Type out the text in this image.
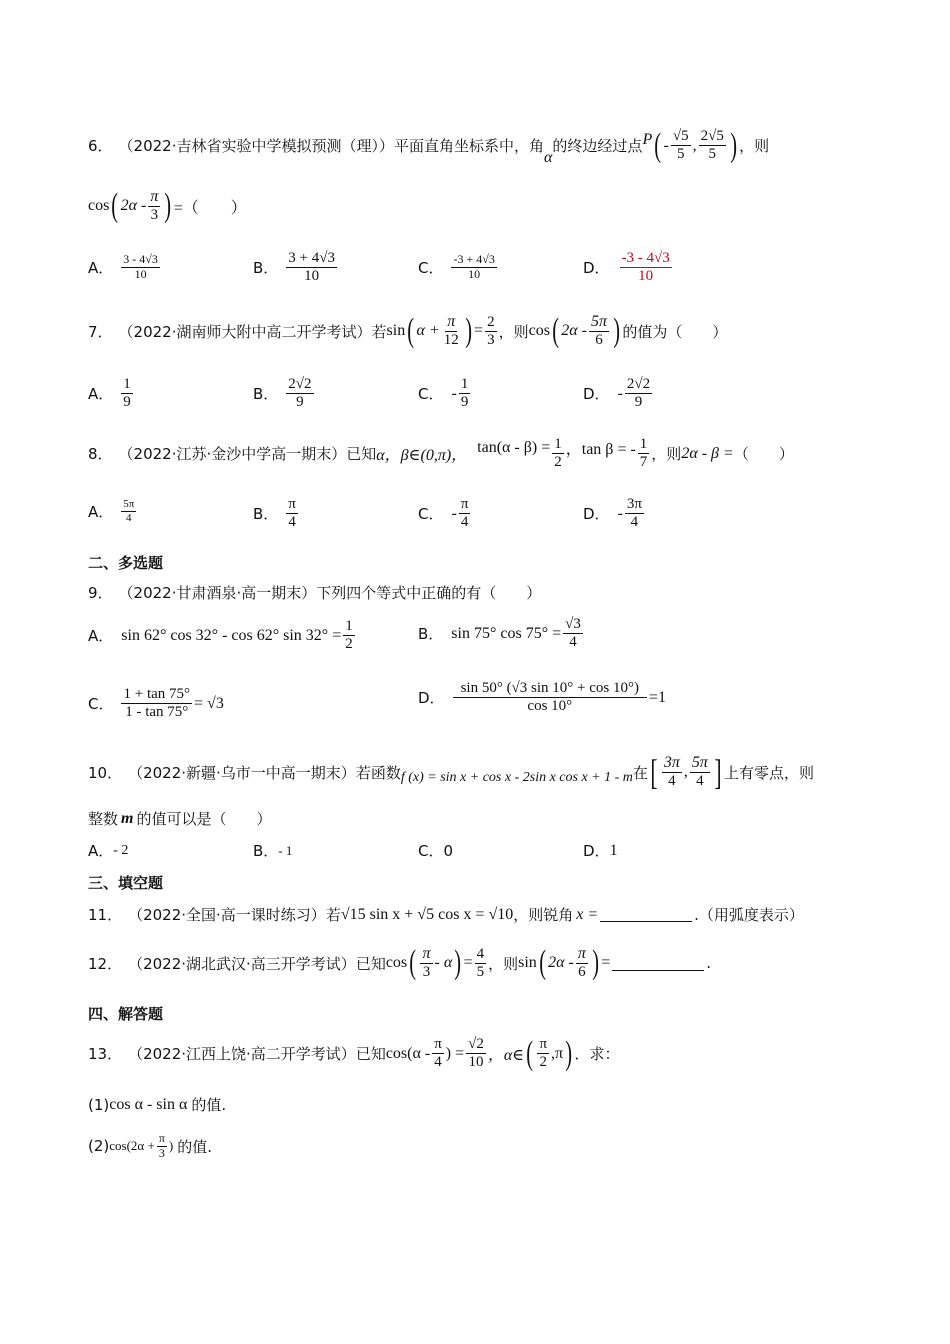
6． （2022·吉林省实验中学模拟预测（理）） 平面直角坐标系中，角
α
的终边经过点 P ( - $\frac{√5}{5}$ , $\frac{2√5}{5}$ ) ，则
cos ( $2\alpha - \frac{\pi}{3}$ ) =（　　）
A． $\frac{3 - 4√3}{10}$	B． $\frac{3 + 4√3}{10}$	C． $\frac{-3 + 4√3}{10}$	D． $\frac{-3 - 4√3}{10}$
7． （2022·湖南师大附中高二开学考试） 若 sin ( $\alpha + \frac{\pi}{12}$ ) = $\frac{2}{3}$ ，则 cos ( $2\alpha - \frac{5\pi}{6}$ ) 的值为（　　）
A． $\frac{1}{9}$	B． $\frac{2√2}{9}$	C． - $\frac{1}{9}$	D． - $\frac{2√2}{9}$
8． （2022·江苏·金沙中学高一期末） 已知 α，β∈(0,π)， $\tan(\alpha - \beta) = \frac{1}{2}$ ，tan β = - $\frac{1}{7}$ ，则 2α - β = （　　）
A． $\frac{5\pi}{4}$	B． $\frac{\pi}{4}$	C． - $\frac{\pi}{4}$	D． - $\frac{3\pi}{4}$
二、多选题
9． （2022·甘肃酒泉·高一期末） 下列四个等式中正确的有（　　）
A． sin 62° cos 32° - cos 62° $\sin 32^\circ = \frac{1}{2}$	B． sin 75° $\cos 75^\circ = \frac{√3}{4}$
C． $\frac{1 + \tan 75^\circ}{1 - \tan 75^\circ} = √3$	D． $\frac{\sin 50^\circ (√3 \sin 10^\circ + \cos 10^\circ)}{\cos 10^\circ} =1$
10． （2022·新疆·乌市一中高一期末） 若函数 f (x) = sin x + cos x - 2sin x cos x + 1 - m 在 [ $\frac{3\pi}{4}$ , $\frac{5\pi}{4}$ ] 上有零点，则
整数 m 的值可以是（　　）
A． - 2	B． - 1	C． 0	D． 1
三、填空题
11． （2022·全国·高一课时练习） 若 √15 sin x + √5 cos x = √10 ，则锐角 x =	.（用弧度表示）
12． （2022·湖北武汉·高三开学考试） 已知 cos ( $\frac{\pi}{3}$ - α ) = $\frac{4}{5}$ ，则 sin ( $2\alpha - \frac{\pi}{6}$ ) =	.
四、解答题
13． （2022·江西上饶·高二开学考试） 已知 $\cos(\alpha - \frac{\pi}{4}$ ) = $\frac{√2}{10}$ ，α∈ ( $\frac{\pi}{2} ,\pi$ ) ．求：
(1) cos α - sin α 的值.
(2) $\cos(2\alpha + \frac{\pi}{3}$ ) 的值.
